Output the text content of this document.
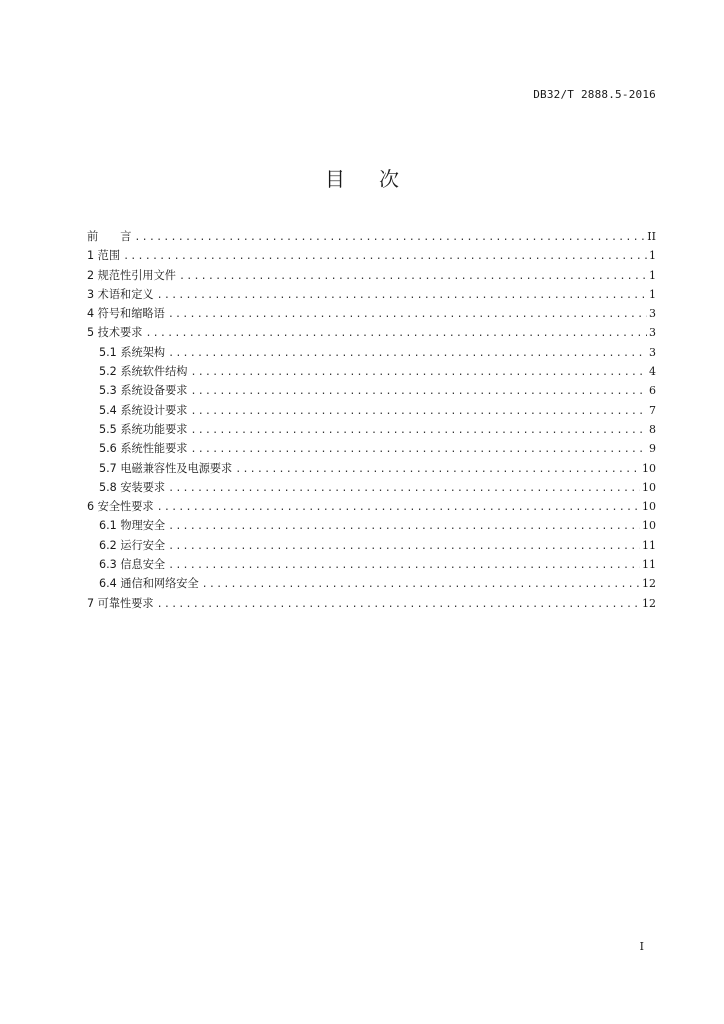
DB32/T 2888.5-2016
目 次
前 言 .....	II
1 范围 .....	1
2 规范性引用文件 .....	1
3 术语和定义 .....	1
4 符号和缩略语 .....	3
5 技术要求 .....	3
5.1 系统架构 .....	3
5.2 系统软件结构 .....	4
5.3 系统设备要求 .....	6
5.4 系统设计要求 .....	7
5.5 系统功能要求 .....	8
5.6 系统性能要求 .....	9
5.7 电磁兼容性及电源要求 .....	10
5.8 安装要求 .....	10
6 安全性要求 .....	10
6.1 物理安全 .....	10
6.2 运行安全 .....	11
6.3 信息安全 .....	11
6.4 通信和网络安全 .....	12
7 可靠性要求 .....	12
I
